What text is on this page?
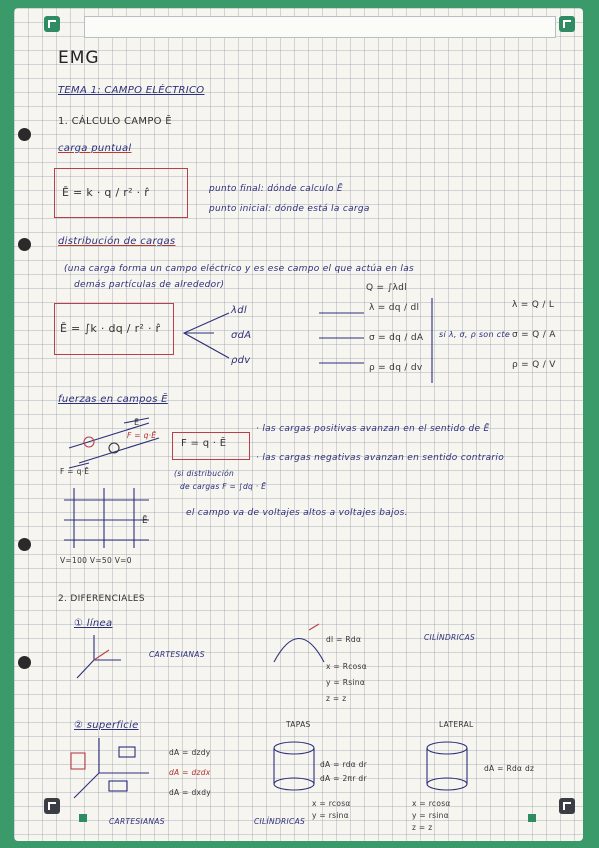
EMG
TEMA 1: CAMPO ELÉCTRICO
1. CÁLCULO CAMPO Ē
carga puntual
Ē = k · q / r² · r̂	punto final: dónde calculo Ē
punto inicial: dónde está la carga
distribución de cargas
(una carga forma un campo eléctrico y es ese campo el que actúa en las
demás partículas de alrededor)	Q = ∫λdl
Ē = ∫k · dq / r² · r̂
λdl
σdA
ρdv
λ = dq / dl
σ = dq / dA
ρ = dq / dv
si λ, σ, ρ son cte
λ = Q / L
σ = Q / A
ρ = Q / V
fuerzas en campos Ē
Ē
F = q·Ē
F = q·Ē
F = q · Ē
· las cargas positivas avanzan en el sentido de Ē
· las cargas negativas avanzan en sentido contrario
(si distribución
de cargas F = ∫dq · Ē
Ē
el campo va de voltajes altos a voltajes bajos.
V=100 V=50 V=0
2. DIFERENCIALES
① línea
CARTESIANAS
dl = Rdα	CILÍNDRICAS
x = Rcosα
y = Rsinα
z = z
② superficie	TAPAS	LATERAL
dA = dzdy
dA = dzdx
dA = dxdy
dA = rdα dr
dA = 2πr dr
dA = Rdα dz
x = rcosα
y = rsinα
x = rcosα
y = rsinα
z = z
CARTESIANAS	CILÍNDRICAS
